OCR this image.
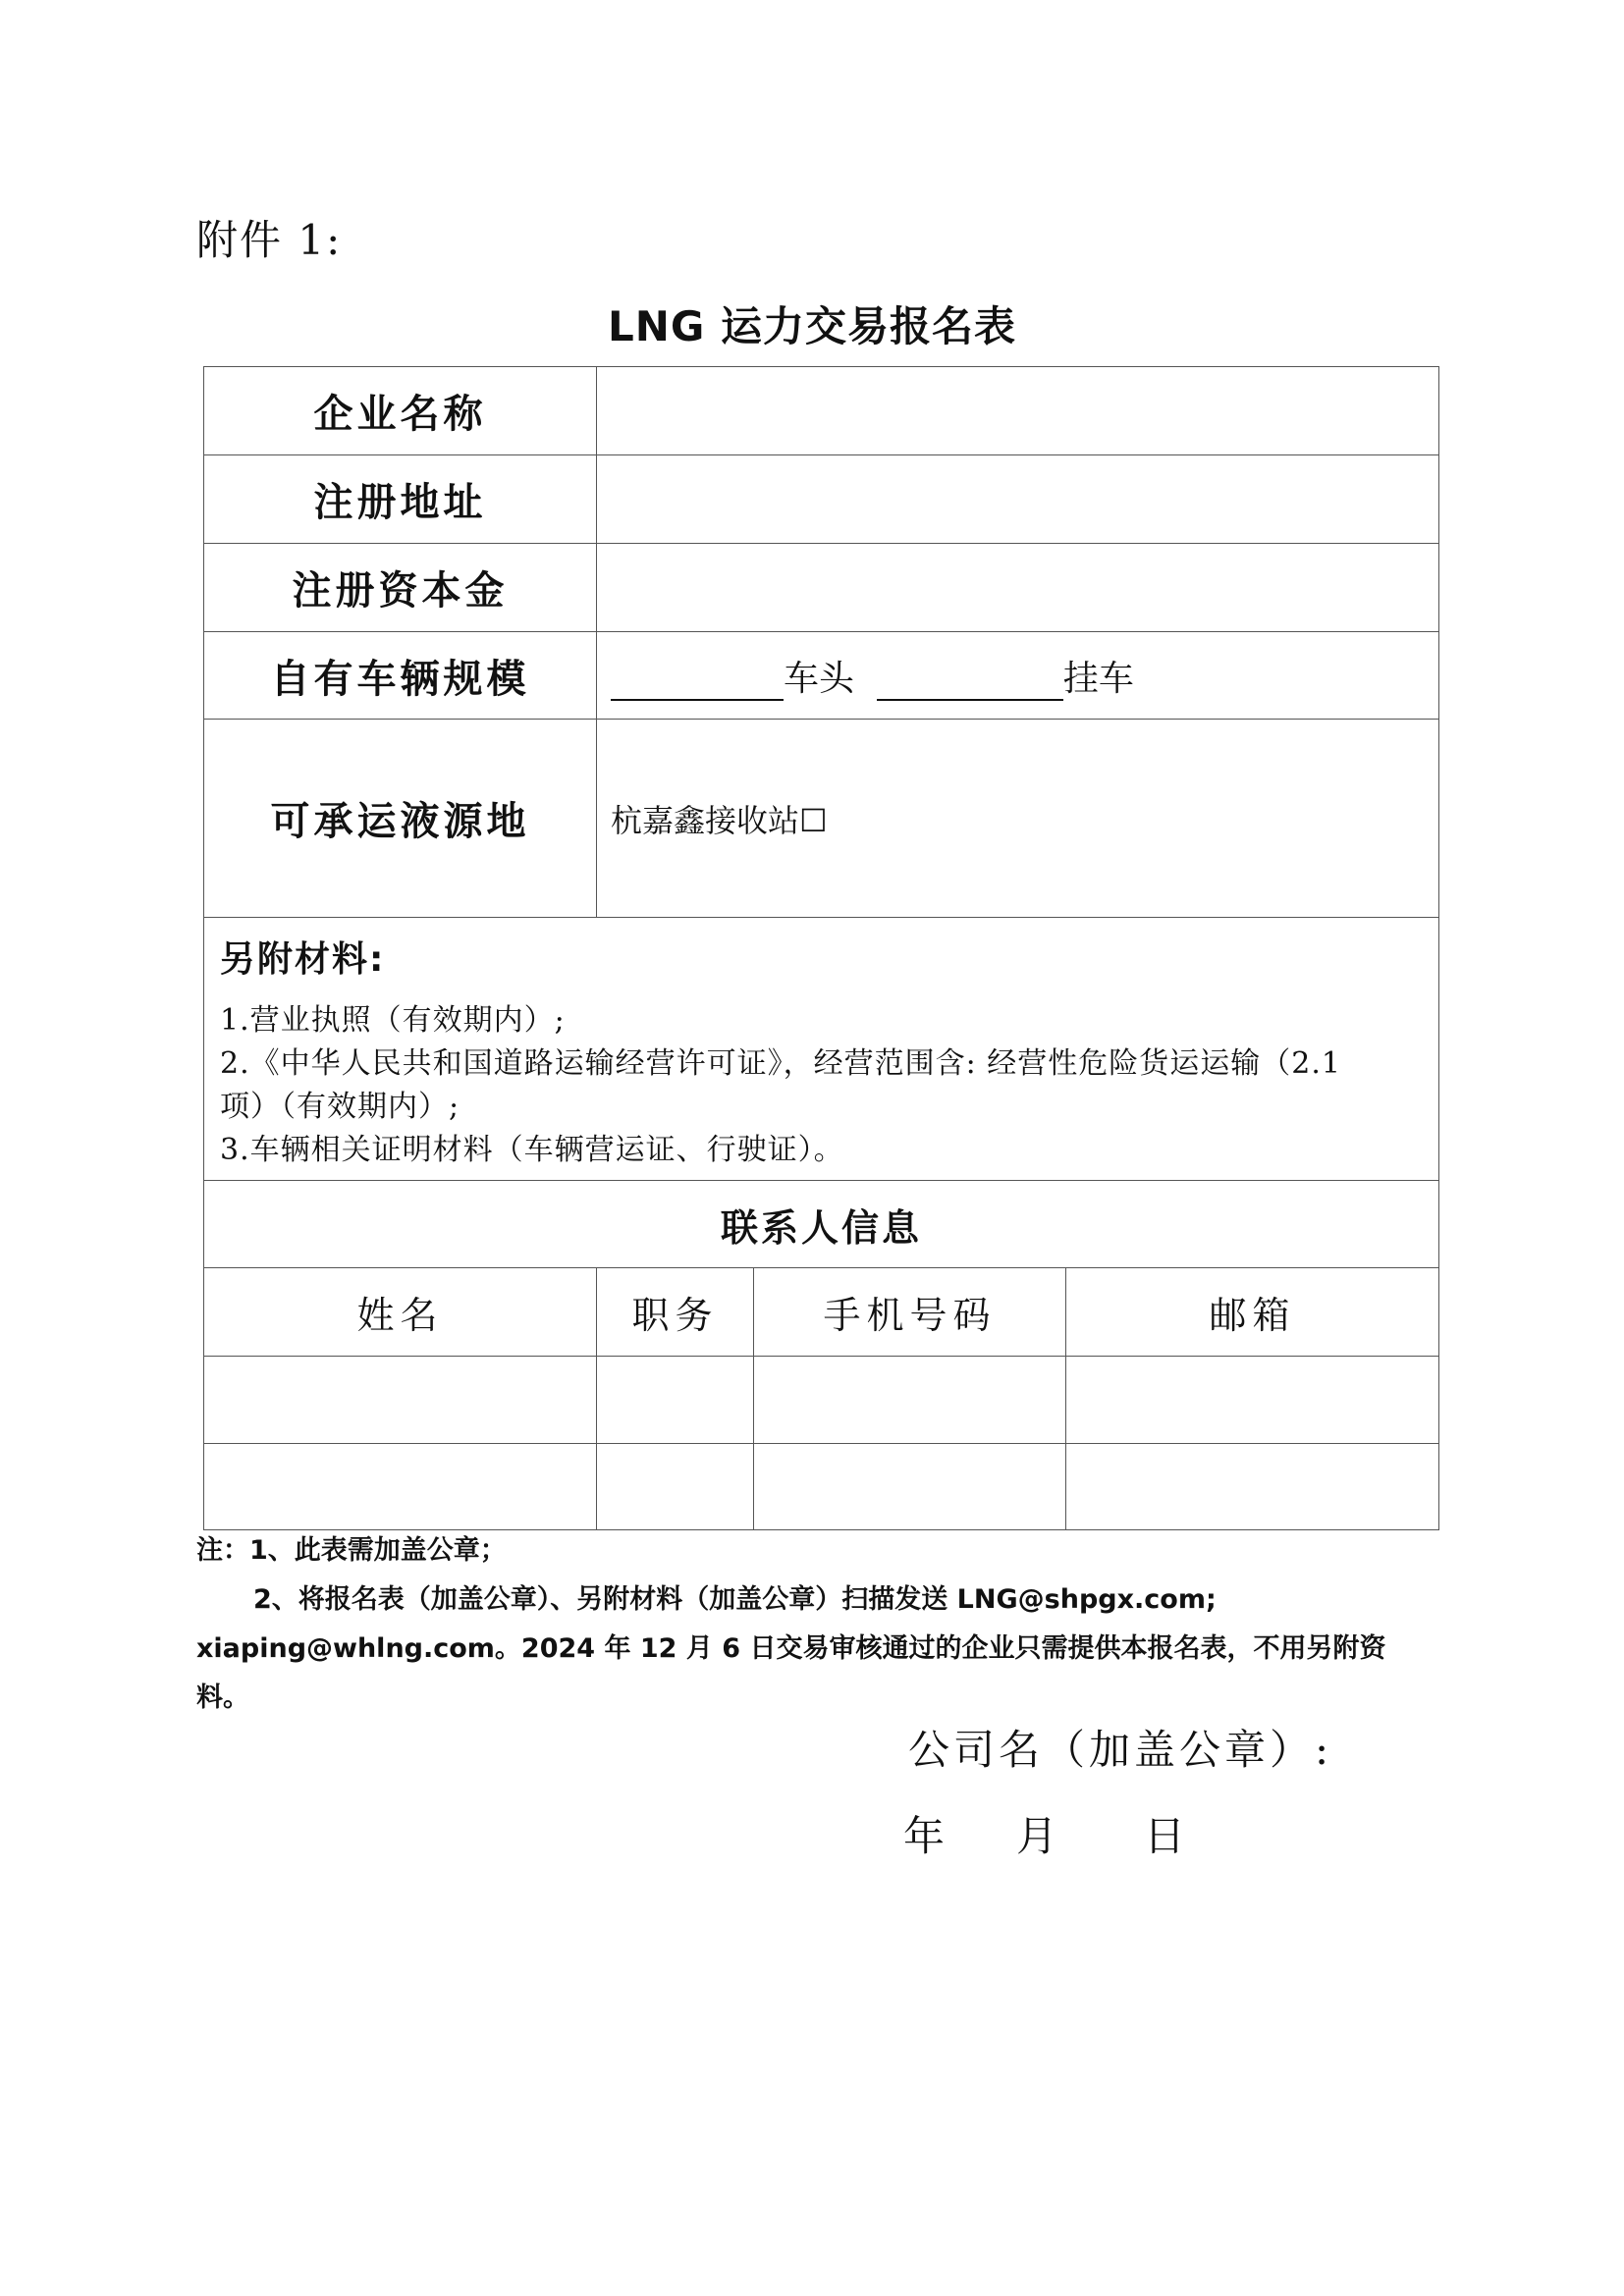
附件 1:
LNG 运力交易报名表
企业名称			
注册地址			
注册资本金			
自有车辆规模	车头 挂车		
可承运液源地	杭嘉鑫接收站☐		

另附材料:
1.营业执照（有效期内）;
2.《中华人民共和国道路运输经营许可证》，经营范围含: 经营性危险货运运输（2.1
项）（有效期内）;
3.车辆相关证明材料（车辆营运证、行驶证）。			

联系人信息			
姓名	职务	手机号码	邮箱

注：1、此表需加盖公章；
2、将报名表（加盖公章）、另附材料（加盖公章）扫描发送 LNG@shpgx.com;
xiaping@whlng.com。2024 年 12 月 6 日交易审核通过的企业只需提供本报名表，不用另附资
料。
公司名（加盖公章）:
年 月 日
